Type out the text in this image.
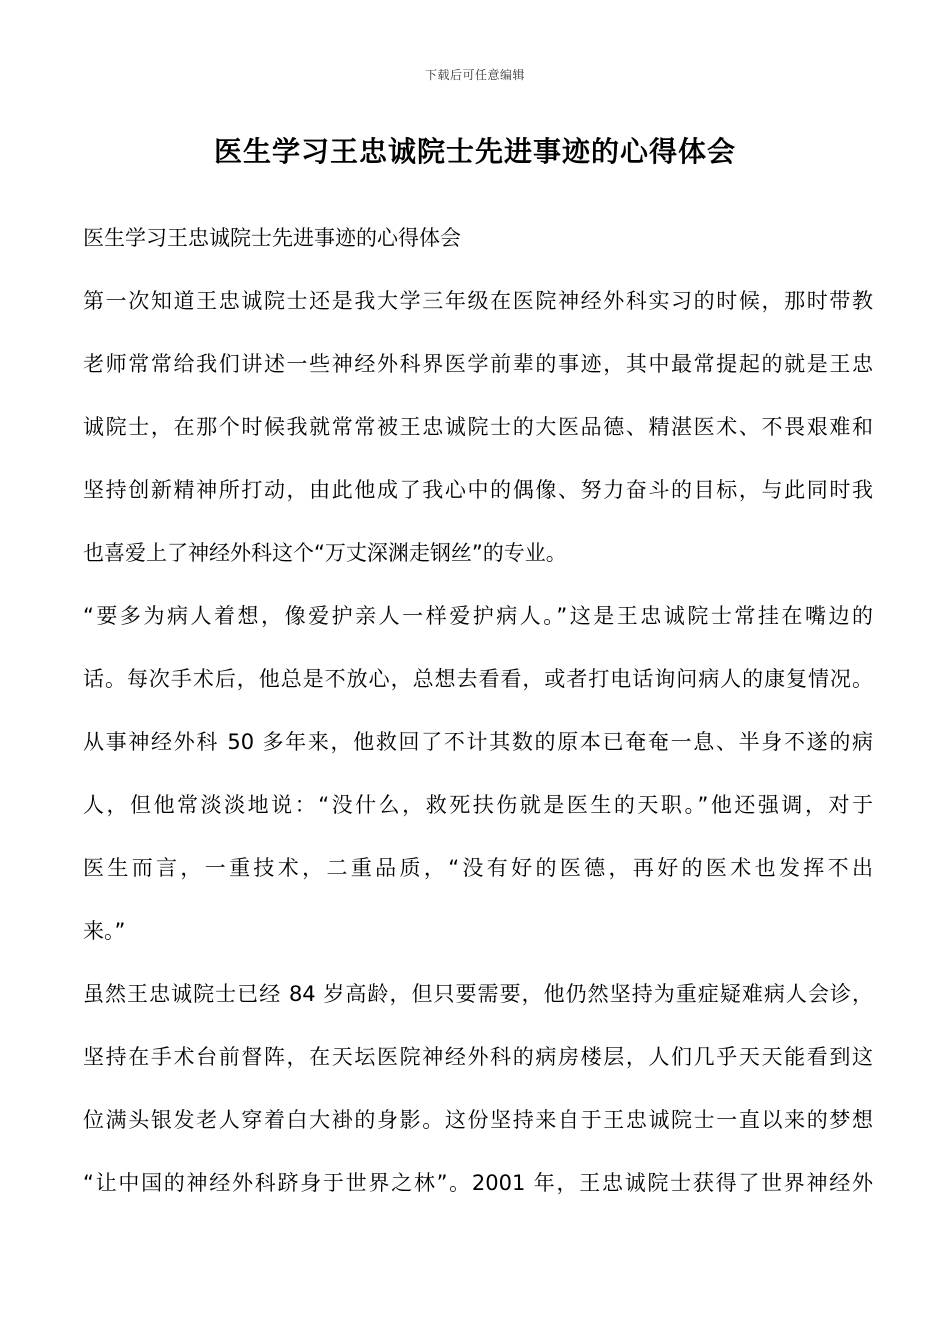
下载后可任意编辑
医生学习王忠诚院士先进事迹的心得体会
医生学习王忠诚院士先进事迹的心得体会
第一次知道王忠诚院士还是我大学三年级在医院神经外科实习的时候，那时带教
老师常常给我们讲述一些神经外科界医学前辈的事迹，其中最常提起的就是王忠
诚院士，在那个时候我就常常被王忠诚院士的大医品德、精湛医术、不畏艰难和
坚持创新精神所打动，由此他成了我心中的偶像、努力奋斗的目标，与此同时我
也喜爱上了神经外科这个“万丈深渊走钢丝”的专业。
“要多为病人着想，像爱护亲人一样爱护病人。”这是王忠诚院士常挂在嘴边的
话。每次手术后，他总是不放心，总想去看看，或者打电话询问病人的康复情况。
从事神经外科 50 多年来，他救回了不计其数的原本已奄奄一息、半身不遂的病
人，但他常淡淡地说：“没什么，救死扶伤就是医生的天职。”他还强调，对于
医生而言，一重技术，二重品质，“没有好的医德，再好的医术也发挥不出
来。”
虽然王忠诚院士已经 84 岁高龄，但只要需要，他仍然坚持为重症疑难病人会诊，
坚持在手术台前督阵，在天坛医院神经外科的病房楼层，人们几乎天天能看到这
位满头银发老人穿着白大褂的身影。这份坚持来自于王忠诚院士一直以来的梦想
“让中国的神经外科跻身于世界之林”。2001 年，王忠诚院士获得了世界神经外
